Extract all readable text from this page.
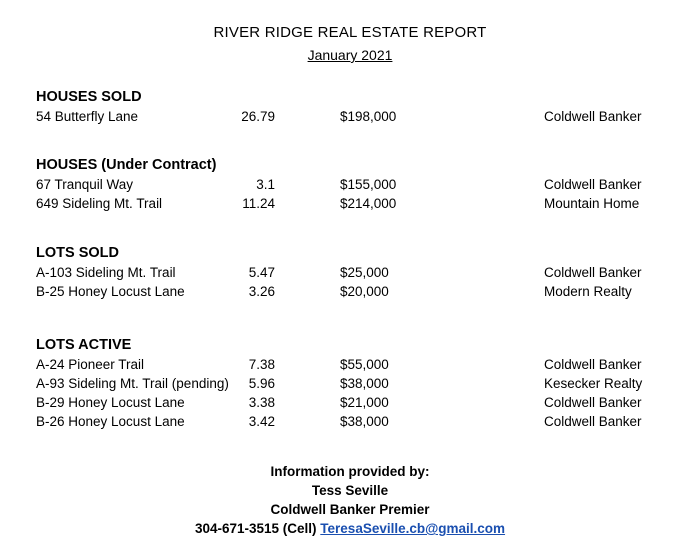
RIVER RIDGE REAL ESTATE REPORT
January 2021
HOUSES SOLD
54 Butterfly Lane	26.79	$198,000	Coldwell Banker
HOUSES (Under Contract)
67 Tranquil Way	3.1	$155,000	Coldwell Banker
649 Sideling Mt. Trail	11.24	$214,000	Mountain Home
LOTS SOLD
A-103 Sideling Mt. Trail	5.47	$25,000	Coldwell Banker
B-25 Honey Locust Lane	3.26	$20,000	Modern Realty
LOTS ACTIVE
A-24 Pioneer Trail	7.38	$55,000	Coldwell Banker
A-93 Sideling Mt. Trail (pending)	5.96	$38,000	Kesecker Realty
B-29 Honey Locust Lane	3.38	$21,000	Coldwell Banker
B-26 Honey Locust Lane	3.42	$38,000	Coldwell Banker
Information provided by:
Tess Seville
Coldwell Banker Premier
304-671-3515 (Cell) TeresaSeville.cb@gmail.com
